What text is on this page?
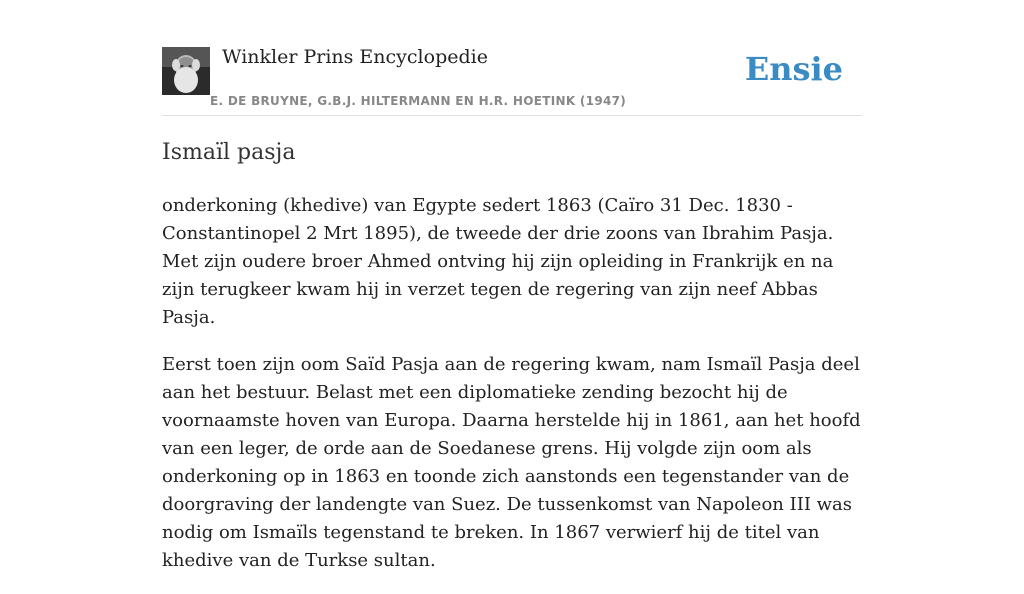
Winkler Prins Encyclopedie
E. DE BRUYNE, G.B.J. HILTERMANN EN H.R. HOETINK (1947)
Ensie
Ismaïl pasja

onderkoning (khedive) van Egypte sedert 1863 (Caïro 31 Dec. 1830 - Constantinopel 2 Mrt 1895), de tweede der drie zoons van Ibrahim Pasja. Met zijn oudere broer Ahmed ontving hij zijn opleiding in Frankrijk en na zijn terugkeer kwam hij in verzet tegen de regering van zijn neef Abbas Pasja.

Eerst toen zijn oom Saïd Pasja aan de regering kwam, nam Ismaïl Pasja deel aan het bestuur. Belast met een diplomatieke zending bezocht hij de voornaamste hoven van Europa. Daarna herstelde hij in 1861, aan het hoofd van een leger, de orde aan de Soedanese grens. Hij volgde zijn oom als onderkoning op in 1863 en toonde zich aanstonds een tegenstander van de doorgraving der landengte van Suez. De tussenkomst van Napoleon III was nodig om Ismaïls tegenstand te breken. In 1867 verwierf hij de titel van khedive van de Turkse sultan.
